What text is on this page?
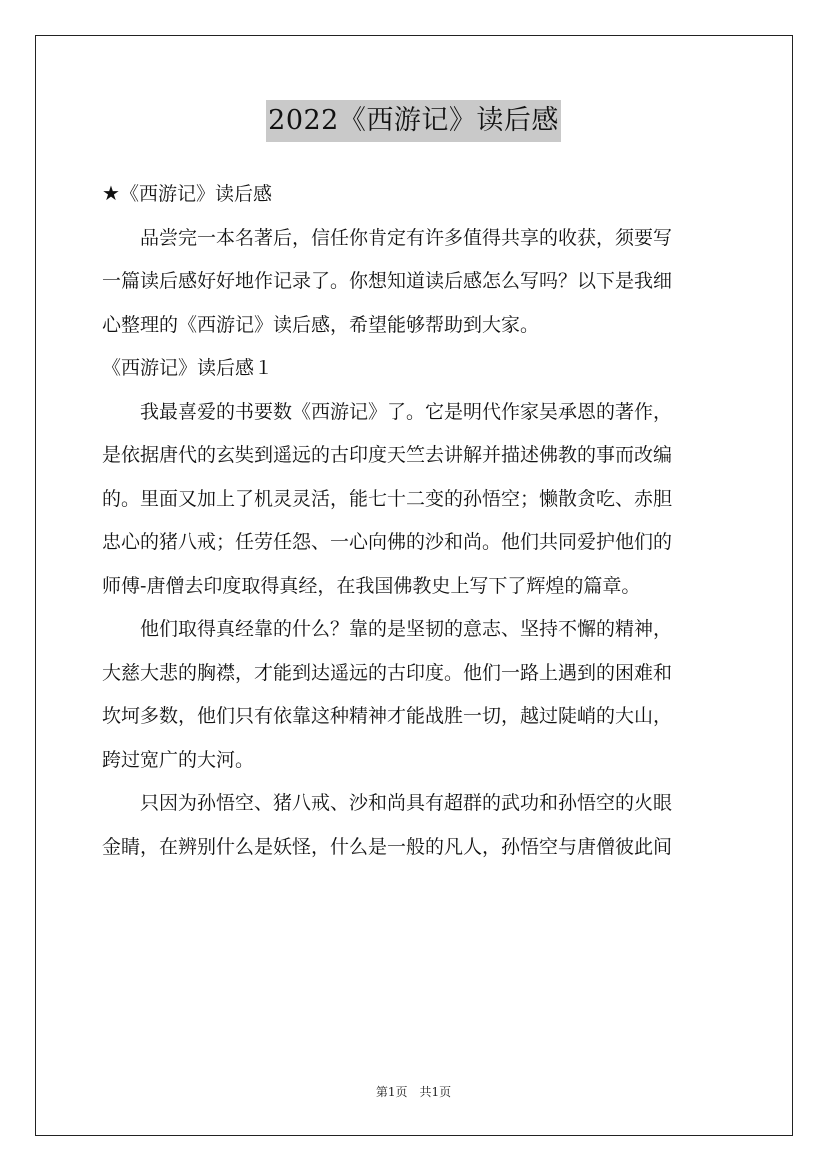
2022《西游记》读后感

★《西游记》读后感

品尝完一本名著后，信任你肯定有许多值得共享的收获，须要写

一篇读后感好好地作记录了。你想知道读后感怎么写吗？以下是我细

心整理的《西游记》读后感，希望能够帮助到大家。

《西游记》读后感１

我最喜爱的书要数《西游记》了。它是明代作家吴承恩的著作，

是依据唐代的玄奘到遥远的古印度天竺去讲解并描述佛教的事而改编

的。里面又加上了机灵灵活，能七十二变的孙悟空；懒散贪吃、赤胆

忠心的猪八戒；任劳任怨、一心向佛的沙和尚。他们共同爱护他们的

师傅-唐僧去印度取得真经，在我国佛教史上写下了辉煌的篇章。

他们取得真经靠的什么？靠的是坚韧的意志、坚持不懈的精神，

大慈大悲的胸襟，才能到达遥远的古印度。他们一路上遇到的困难和

坎坷多数，他们只有依靠这种精神才能战胜一切，越过陡峭的大山，

跨过宽广的大河。

只因为孙悟空、猪八戒、沙和尚具有超群的武功和孙悟空的火眼

金睛，在辨别什么是妖怪，什么是一般的凡人，孙悟空与唐僧彼此间

第1页　共1页
